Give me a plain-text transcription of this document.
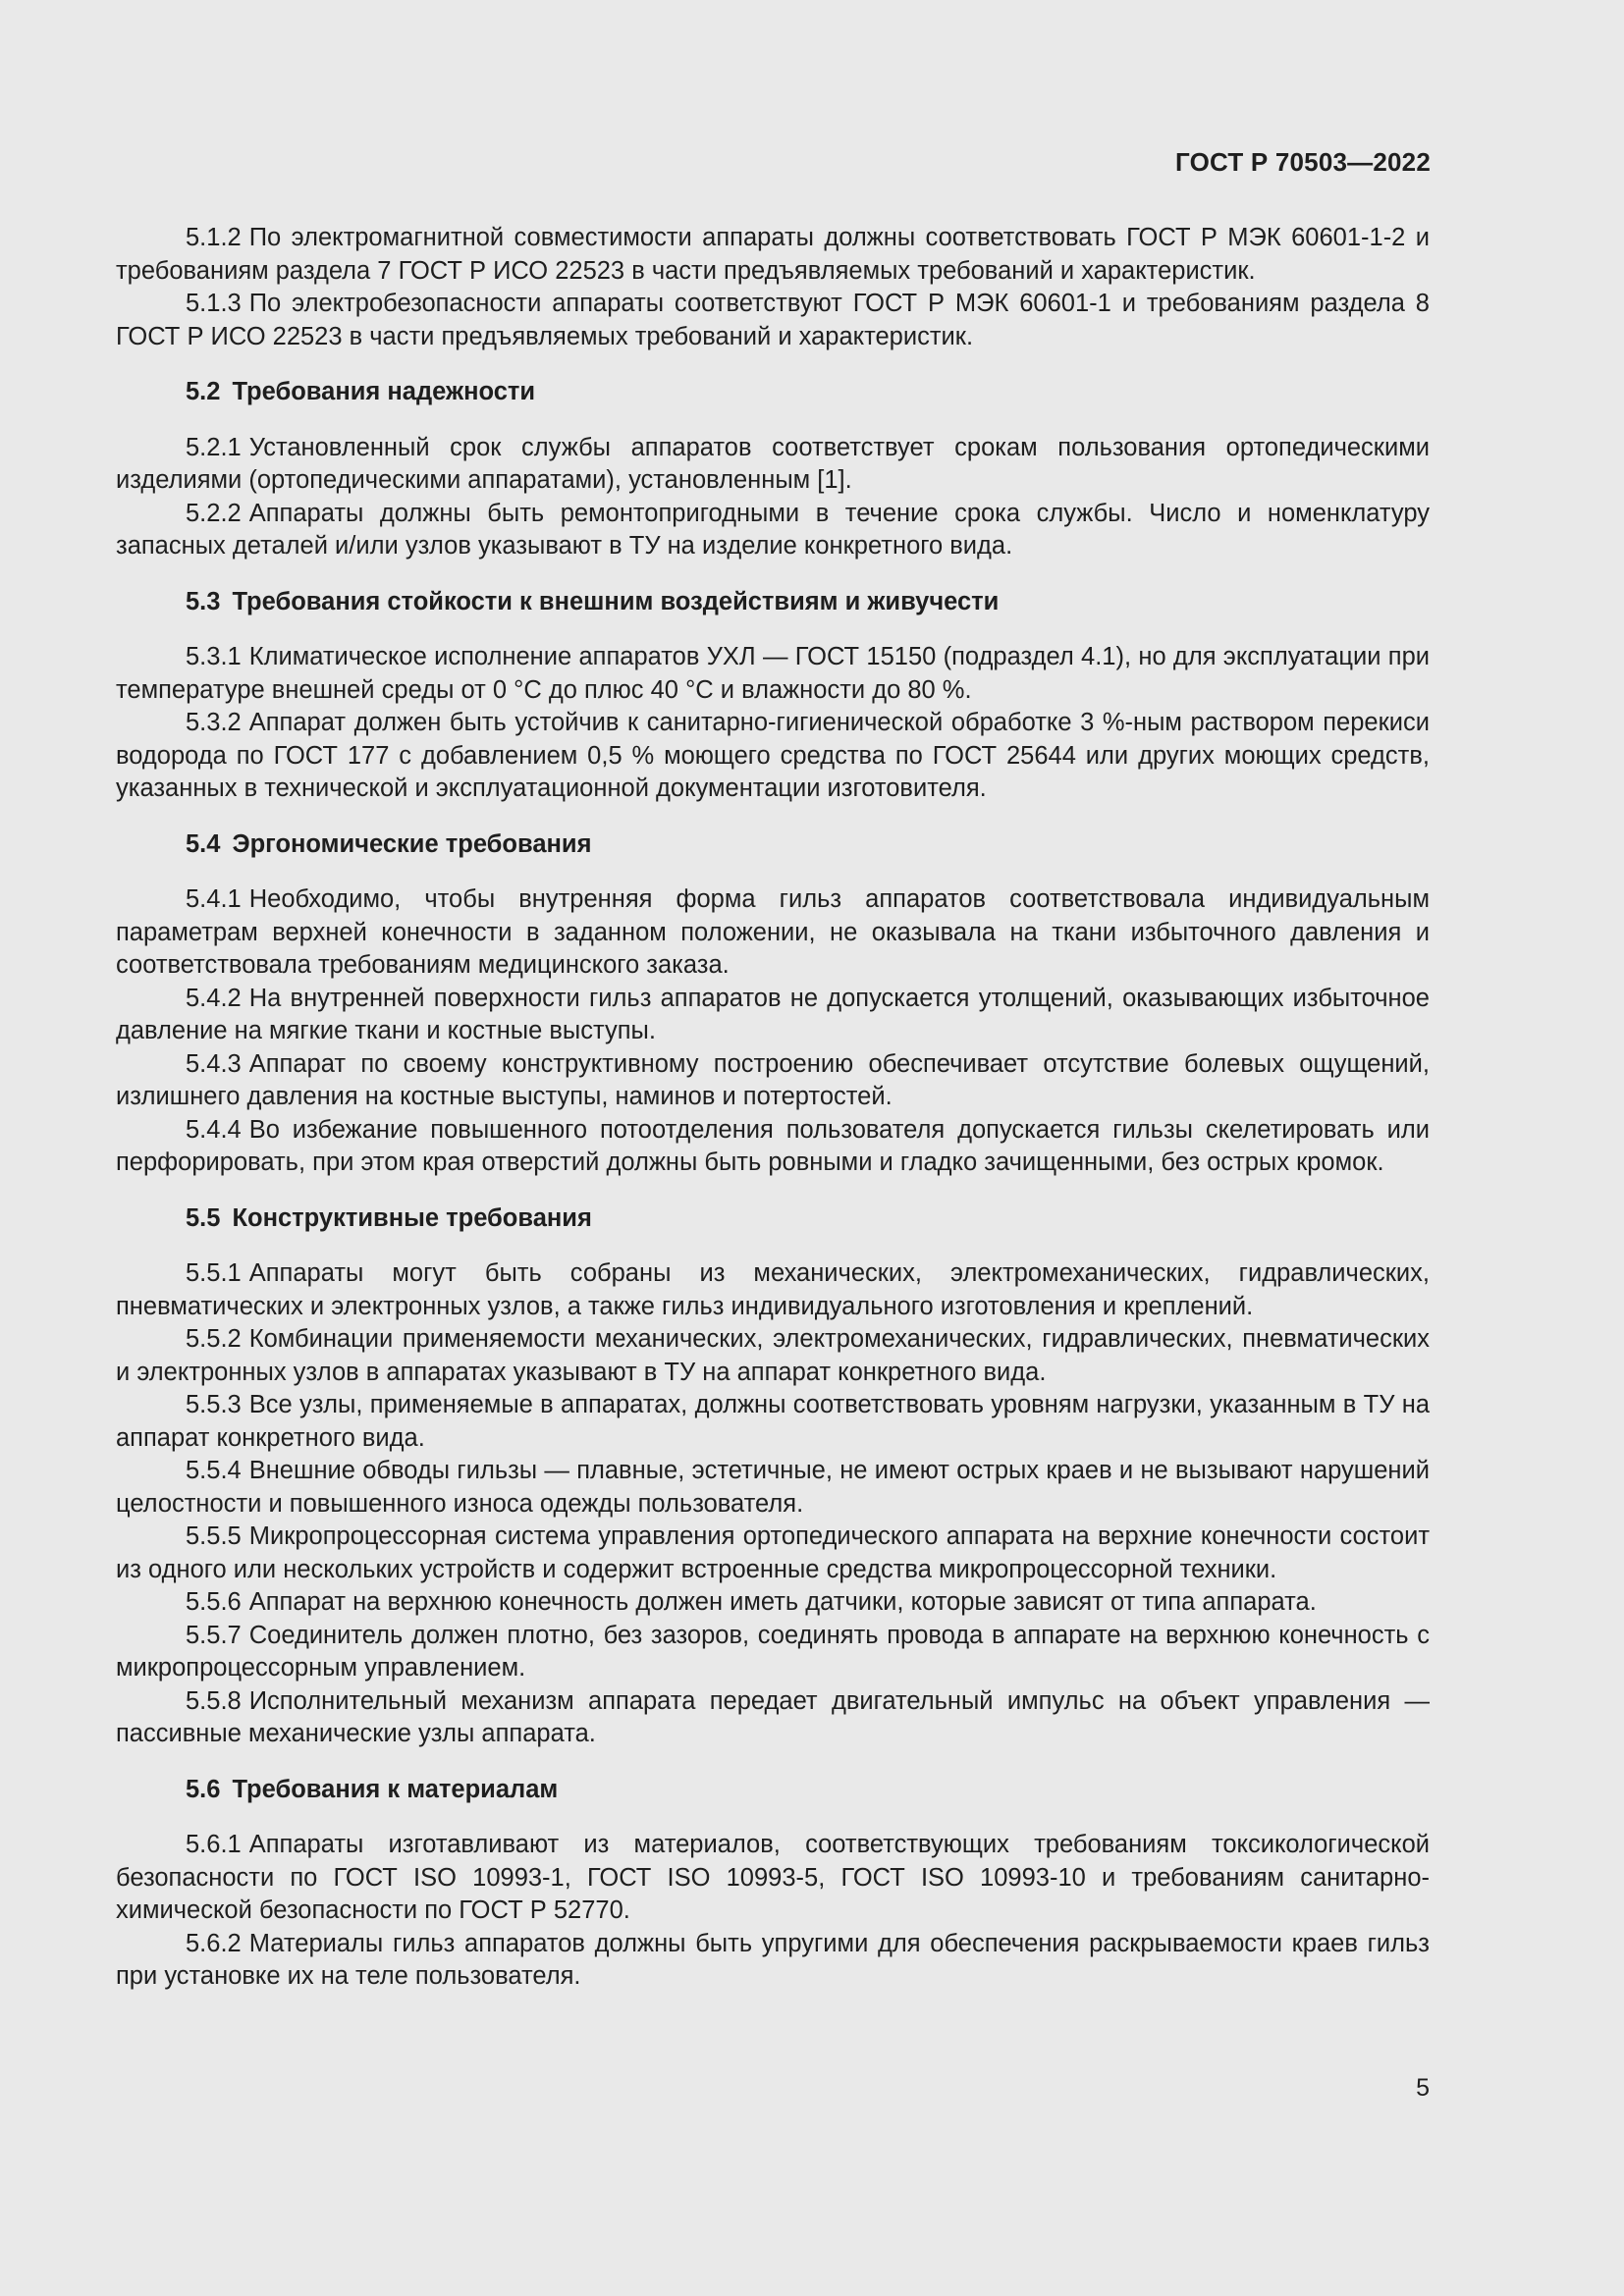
ГОСТ Р 70503—2022

5.1.2 По электромагнитной совместимости аппараты должны соответствовать ГОСТ Р МЭК 60601-1-2 и требованиям раздела 7 ГОСТ Р ИСО 22523 в части предъявляемых требований и характеристик.

5.1.3 По электробезопасности аппараты соответствуют ГОСТ Р МЭК 60601-1 и требованиям раздела 8 ГОСТ Р ИСО 22523 в части предъявляемых требований и характеристик.

5.2 Требования надежности

5.2.1 Установленный срок службы аппаратов соответствует срокам пользования ортопедическими изделиями (ортопедическими аппаратами), установленным [1].

5.2.2 Аппараты должны быть ремонтопригодными в течение срока службы. Число и номенклатуру запасных деталей и/или узлов указывают в ТУ на изделие конкретного вида.

5.3 Требования стойкости к внешним воздействиям и живучести

5.3.1 Климатическое исполнение аппаратов УХЛ — ГОСТ 15150 (подраздел 4.1), но для эксплуатации при температуре внешней среды от 0 °С до плюс 40 °С и влажности до 80 %.

5.3.2 Аппарат должен быть устойчив к санитарно-гигиенической обработке 3 %-ным раствором перекиси водорода по ГОСТ 177 с добавлением 0,5 % моющего средства по ГОСТ 25644 или других моющих средств, указанных в технической и эксплуатационной документации изготовителя.

5.4 Эргономические требования

5.4.1 Необходимо, чтобы внутренняя форма гильз аппаратов соответствовала индивидуальным параметрам верхней конечности в заданном положении, не оказывала на ткани избыточного давления и соответствовала требованиям медицинского заказа.

5.4.2 На внутренней поверхности гильз аппаратов не допускается утолщений, оказывающих избыточное давление на мягкие ткани и костные выступы.

5.4.3 Аппарат по своему конструктивному построению обеспечивает отсутствие болевых ощущений, излишнего давления на костные выступы, наминов и потертостей.

5.4.4 Во избежание повышенного потоотделения пользователя допускается гильзы скелетировать или перфорировать, при этом края отверстий должны быть ровными и гладко зачищенными, без острых кромок.

5.5 Конструктивные требования

5.5.1 Аппараты могут быть собраны из механических, электромеханических, гидравлических, пневматических и электронных узлов, а также гильз индивидуального изготовления и креплений.

5.5.2 Комбинации применяемости механических, электромеханических, гидравлических, пневматических и электронных узлов в аппаратах указывают в ТУ на аппарат конкретного вида.

5.5.3 Все узлы, применяемые в аппаратах, должны соответствовать уровням нагрузки, указанным в ТУ на аппарат конкретного вида.

5.5.4 Внешние обводы гильзы — плавные, эстетичные, не имеют острых краев и не вызывают нарушений целостности и повышенного износа одежды пользователя.

5.5.5 Микропроцессорная система управления ортопедического аппарата на верхние конечности состоит из одного или нескольких устройств и содержит встроенные средства микропроцессорной техники.

5.5.6 Аппарат на верхнюю конечность должен иметь датчики, которые зависят от типа аппарата.

5.5.7 Соединитель должен плотно, без зазоров, соединять провода в аппарате на верхнюю конечность с микропроцессорным управлением.

5.5.8 Исполнительный механизм аппарата передает двигательный импульс на объект управления — пассивные механические узлы аппарата.

5.6 Требования к материалам

5.6.1 Аппараты изготавливают из материалов, соответствующих требованиям токсикологической безопасности по ГОСТ ISO 10993-1, ГОСТ ISO 10993-5, ГОСТ ISO 10993-10 и требованиям санитарно-химической безопасности по ГОСТ Р 52770.

5.6.2 Материалы гильз аппаратов должны быть упругими для обеспечения раскрываемости краев гильз при установке их на теле пользователя.

5
